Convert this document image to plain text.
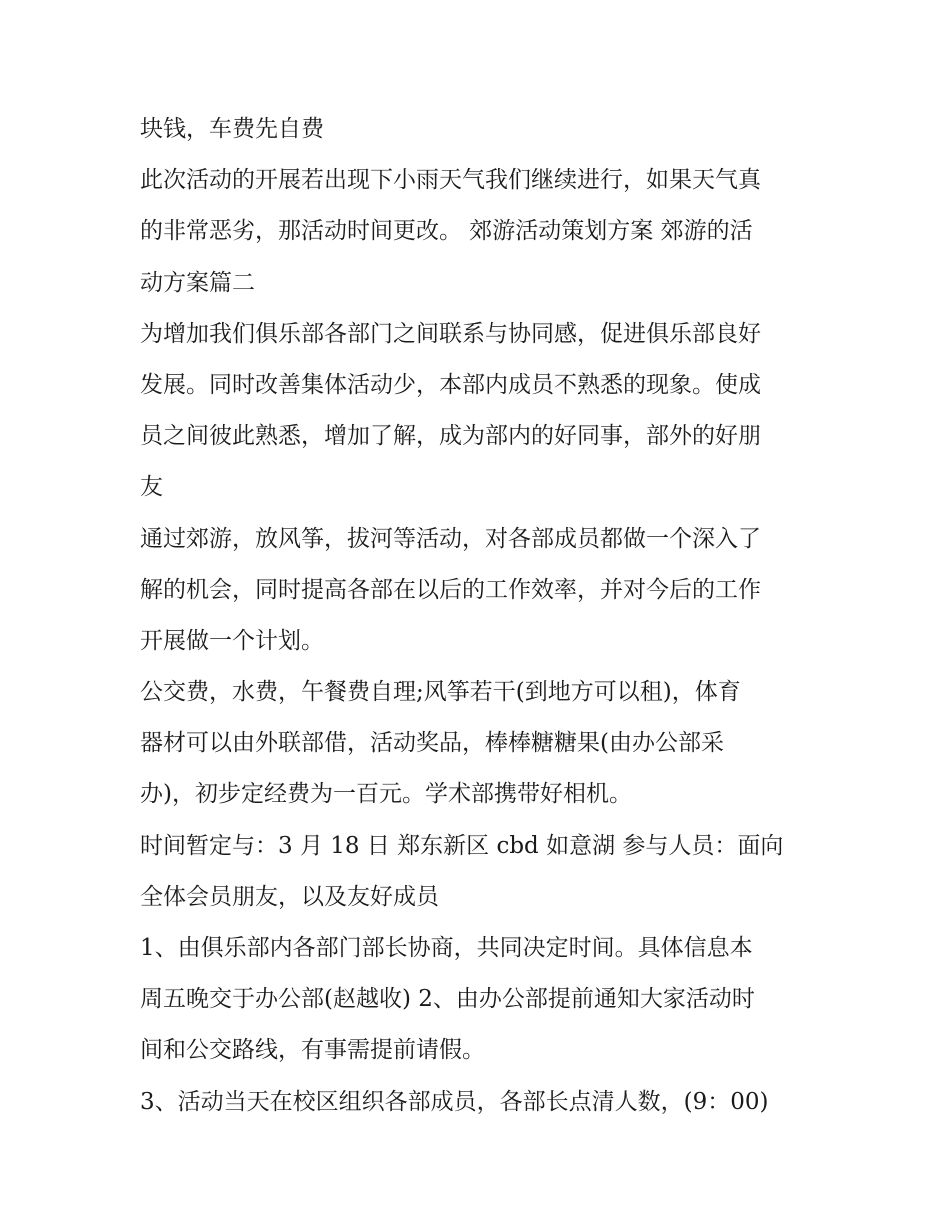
块钱，车费先自费
此次活动的开展若出现下小雨天气我们继续进行，如果天气真
的非常恶劣，那活动时间更改。 郊游活动策划方案 郊游的活
动方案篇二
为增加我们俱乐部各部门之间联系与协同感，促进俱乐部良好
发展。同时改善集体活动少，本部内成员不熟悉的现象。使成
员之间彼此熟悉，增加了解，成为部内的好同事，部外的好朋
友
通过郊游，放风筝，拔河等活动，对各部成员都做一个深入了
解的机会，同时提高各部在以后的工作效率，并对今后的工作
开展做一个计划。
公交费，水费，午餐费自理;风筝若干(到地方可以租)，体育
器材可以由外联部借，活动奖品，棒棒糖糖果(由办公部采
办)，初步定经费为一百元。学术部携带好相机。
时间暂定与：3 月 18 日 郑东新区 cbd 如意湖 参与人员：面向
全体会员朋友，以及友好成员
1、由俱乐部内各部门部长协商，共同决定时间。具体信息本
周五晚交于办公部(赵越收) 2、由办公部提前通知大家活动时
间和公交路线，有事需提前请假。
3、活动当天在校区组织各部成员，各部长点清人数，(9：00)
